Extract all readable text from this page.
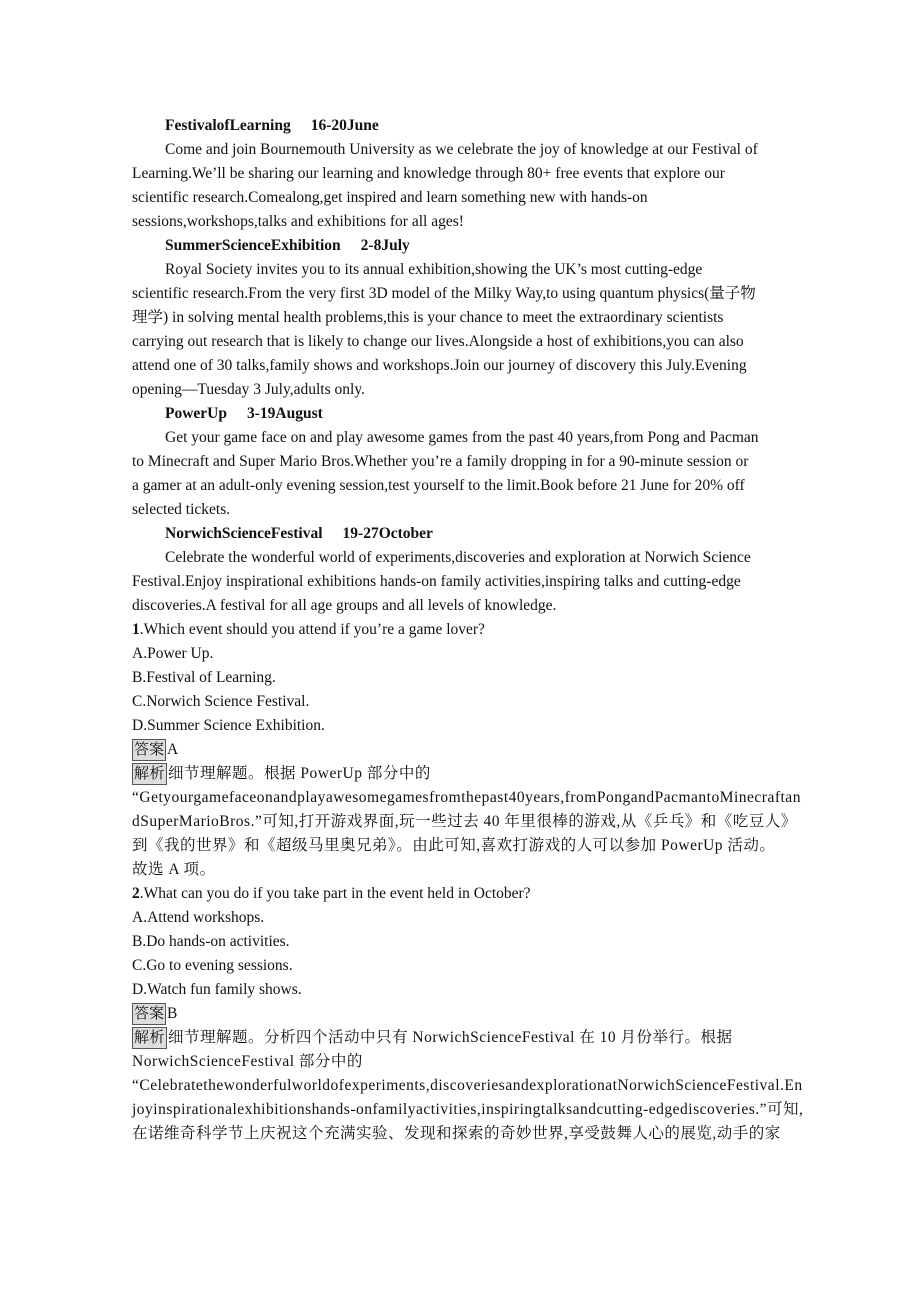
FestivalofLearning 16-20June
Come and join Bournemouth University as we celebrate the joy of knowledge at our Festival of
Learning.We’ll be sharing our learning and knowledge through 80+ free events that explore our
scientific research.Comealong,get inspired and learn something new with hands-on
sessions,workshops,talks and exhibitions for all ages!
SummerScienceExhibition 2-8July
Royal Society invites you to its annual exhibition,showing the UK’s most cutting-edge
scientific research.From the very first 3D model of the Milky Way,to using quantum physics(量子物
理学) in solving mental health problems,this is your chance to meet the extraordinary scientists
carrying out research that is likely to change our lives.Alongside a host of exhibitions,you can also
attend one of 30 talks,family shows and workshops.Join our journey of discovery this July.Evening
opening—Tuesday 3 July,adults only.
PowerUp 3-19August
Get your game face on and play awesome games from the past 40 years,from Pong and Pacman
to Minecraft and Super Mario Bros.Whether you’re a family dropping in for a 90-minute session or
a gamer at an adult-only evening session,test yourself to the limit.Book before 21 June for 20% off
selected tickets.
NorwichScienceFestival 19-27October
Celebrate the wonderful world of experiments,discoveries and exploration at Norwich Science
Festival.Enjoy inspirational exhibitions hands-on family activities,inspiring talks and cutting-edge
discoveries.A festival for all age groups and all levels of knowledge.
1.Which event should you attend if you’re a game lover?
A.Power Up.
B.Festival of Learning.
C.Norwich Science Festival.
D.Summer Science Exhibition.
答案 A
解析 细节理解题。根据 PowerUp 部分中的
“Getyourgamefaceonandplayawesomegamesfromthepast40years,fromPongandPacmantoMinecraftan
dSuperMarioBros.”可知,打开游戏界面,玩一些过去 40 年里很棒的游戏,从《乒乓》和《吃豆人》
到《我的世界》和《超级马里奥兄弟》。由此可知,喜欢打游戏的人可以参加 PowerUp 活动。
故选 A 项。
2.What can you do if you take part in the event held in October?
A.Attend workshops.
B.Do hands-on activities.
C.Go to evening sessions.
D.Watch fun family shows.
答案 B
解析 细节理解题。分析四个活动中只有 NorwichScienceFestival 在 10 月份举行。根据
NorwichScienceFestival 部分中的
“Celebratethewonderfulworldofexperiments,discoveriesandexplorationatNorwichScienceFestival.En
joyinspirationalexhibitionshands-onfamilyactivities,inspiringtalksandcutting-edgediscoveries.”可知,
在诺维奇科学节上庆祝这个充满实验、发现和探索的奇妙世界,享受鼓舞人心的展览,动手的家
